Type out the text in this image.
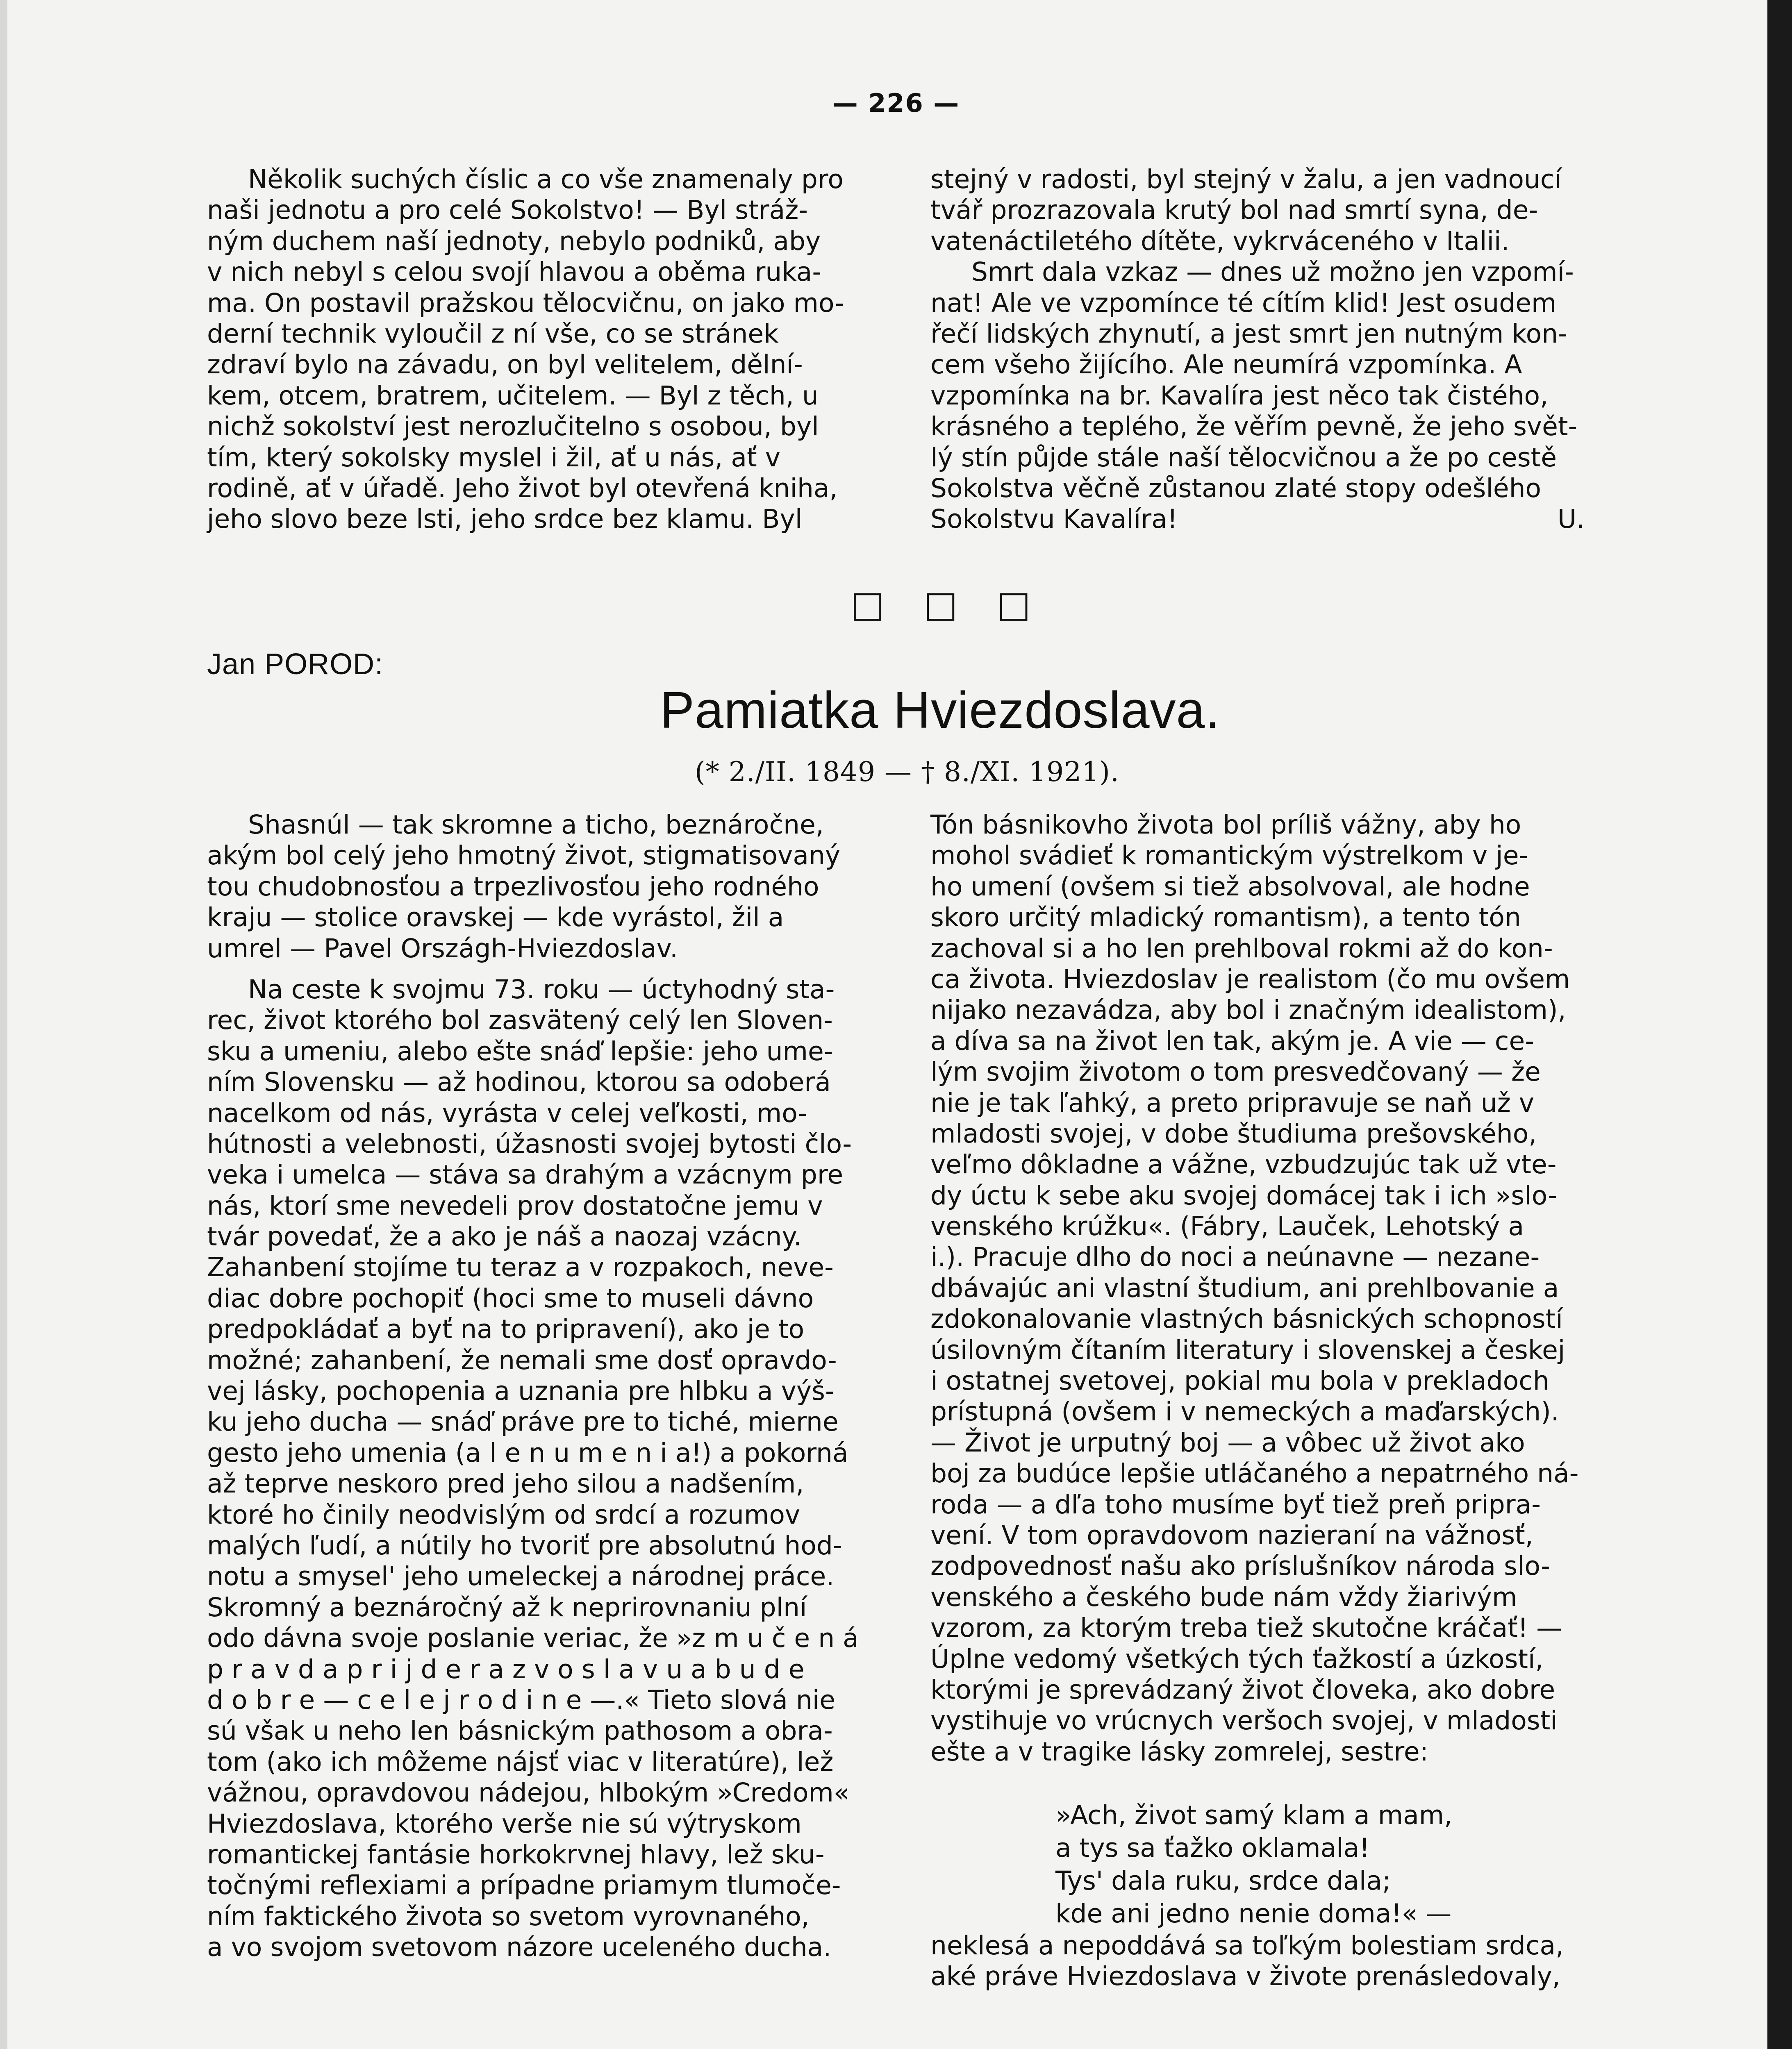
— 226 —
Několik suchých číslic a co vše znamenaly pro
naši jednotu a pro celé Sokolstvo! — Byl stráž-
ným duchem naší jednoty, nebylo podniků, aby
v nich nebyl s celou svojí hlavou a oběma ruka-
ma. On postavil pražskou tělocvičnu, on jako mo-
derní technik vyloučil z ní vše, co se stránek
zdraví bylo na závadu, on byl velitelem, dělní-
kem, otcem, bratrem, učitelem. — Byl z těch, u
nichž sokolství jest nerozlučitelno s osobou, byl
tím, který sokolsky myslel i žil, ať u nás, ať v
rodině, ať v úřadě. Jeho život byl otevřená kniha,
jeho slovo beze lsti, jeho srdce bez klamu. Byl
stejný v radosti, byl stejný v žalu, a jen vadnoucí
tvář prozrazovala krutý bol nad smrtí syna, de-
vatenáctiletého dítěte, vykrváceného v Italii.
Smrt dala vzkaz — dnes už možno jen vzpomí-
nat! Ale ve vzpomínce té cítím klid! Jest osudem
řečí lidských zhynutí, a jest smrt jen nutným kon-
cem všeho žijícího. Ale neumírá vzpomínka. A
vzpomínka na br. Kavalíra jest něco tak čistého,
krásného a teplého, že věřím pevně, že jeho svět-
lý stín půjde stále naší tělocvičnou a že po cestě
Sokolstva věčně zůstanou zlaté stopy odešlého
Sokolstvu Kavalíra!	U.
□ □ □
Jan POROD:
Pamiatka Hviezdoslava.
(* 2./II. 1849 — † 8./XI. 1921).
Shasnúl — tak skromne a ticho, beznáročne,
akým bol celý jeho hmotný život, stigmatisovaný
tou chudobnosťou a trpezlivosťou jeho rodného
kraju — stolice oravskej — kde vyrástol, žil a
umrel — Pavel Országh-Hviezdoslav.
Na ceste k svojmu 73. roku — úctyhodný sta-
rec, život ktorého bol zasvätený celý len Sloven-
sku a umeniu, alebo ešte snáď lepšie: jeho ume-
ním Slovensku — až hodinou, ktorou sa odoberá
nacelkom od nás, vyrásta v celej veľkosti, mo-
hútnosti a velebnosti, úžasnosti svojej bytosti člo-
veka i umelca — stáva sa drahým a vzácnym pre
nás, ktorí sme nevedeli prov dostatočne jemu v
tvár povedať, že a ako je náš a naozaj vzácny.
Zahanbení stojíme tu teraz a v rozpakoch, neve-
diac dobre pochopiť (hoci sme to museli dávno
predpokládať a byť na to pripravení), ako je to
možné; zahanbení, že nemali sme dosť opravdo-
vej lásky, pochopenia a uznania pre hlbku a výš-
ku jeho ducha — snáď práve pre to tiché, mierne
gesto jeho umenia (a l e n u m e n i a!) a pokorná
až teprve neskoro pred jeho silou a nadšením,
ktoré ho činily neodvislým od srdcí a rozumov
malých ľudí, a nútily ho tvoriť pre absolutnú hod-
notu a smysel' jeho umeleckej a národnej práce.
Skromný a beznáročný až k neprirovnaniu plní
odo dávna svoje poslanie veriac, že »z m u č e n á
p r a v d a p r i j d e r a z v o s l a v u a b u d e
d o b r e — c e l e j r o d i n e —.« Tieto slová nie
sú však u neho len básnickým pathosom a obra-
tom (ako ich môžeme nájsť viac v literatúre), lež
vážnou, opravdovou nádejou, hlbokým »Credom«
Hviezdoslava, ktorého verše nie sú výtryskom
romantickej fantásie horkokrvnej hlavy, lež sku-
točnými reflexiami a prípadne priamym tlumoče-
ním faktického života so svetom vyrovnaného,
a vo svojom svetovom názore uceleného ducha.
Tón básnikovho života bol príliš vážny, aby ho
mohol svádieť k romantickým výstrelkom v je-
ho umení (ovšem si tiež absolvoval, ale hodne
skoro určitý mladický romantism), a tento tón
zachoval si a ho len prehlboval rokmi až do kon-
ca života. Hviezdoslav je realistom (čo mu ovšem
nijako nezavádza, aby bol i značným idealistom),
a díva sa na život len tak, akým je. A vie — ce-
lým svojim životom o tom presvedčovaný — že
nie je tak ľahký, a preto pripravuje se naň už v
mladosti svojej, v dobe študiuma prešovského,
veľmo dôkladne a vážne, vzbudzujúc tak už vte-
dy úctu k sebe aku svojej domácej tak i ich »slo-
venského krúžku«. (Fábry, Lauček, Lehotský a
i.). Pracuje dlho do noci a neúnavne — nezane-
dbávajúc ani vlastní študium, ani prehlbovanie a
zdokonalovanie vlastných básnických schopností
úsilovným čítaním literatury i slovenskej a českej
i ostatnej svetovej, pokial mu bola v prekladoch
prístupná (ovšem i v nemeckých a maďarských).
— Život je urputný boj — a vôbec už život ako
boj za budúce lepšie utláčaného a nepatrného ná-
roda — a dľa toho musíme byť tiež preň pripra-
vení. V tom opravdovom nazieraní na vážnosť,
zodpovednosť našu ako príslušníkov národa slo-
venského a českého bude nám vždy žiarivým
vzorom, za ktorým treba tiež skutočne kráčať! —
Úplne vedomý všetkých tých ťažkostí a úzkostí,
ktorými je sprevádzaný život človeka, ako dobre
vystihuje vo vrúcnych veršoch svojej, v mladosti
ešte a v tragike lásky zomrelej, sestre:
»Ach, život samý klam a mam,
a tys sa ťažko oklamala!
Tys' dala ruku, srdce dala;
kde ani jedno nenie doma!« —
neklesá a nepoddává sa toľkým bolestiam srdca,
aké práve Hviezdoslava v živote prenásledovaly,
